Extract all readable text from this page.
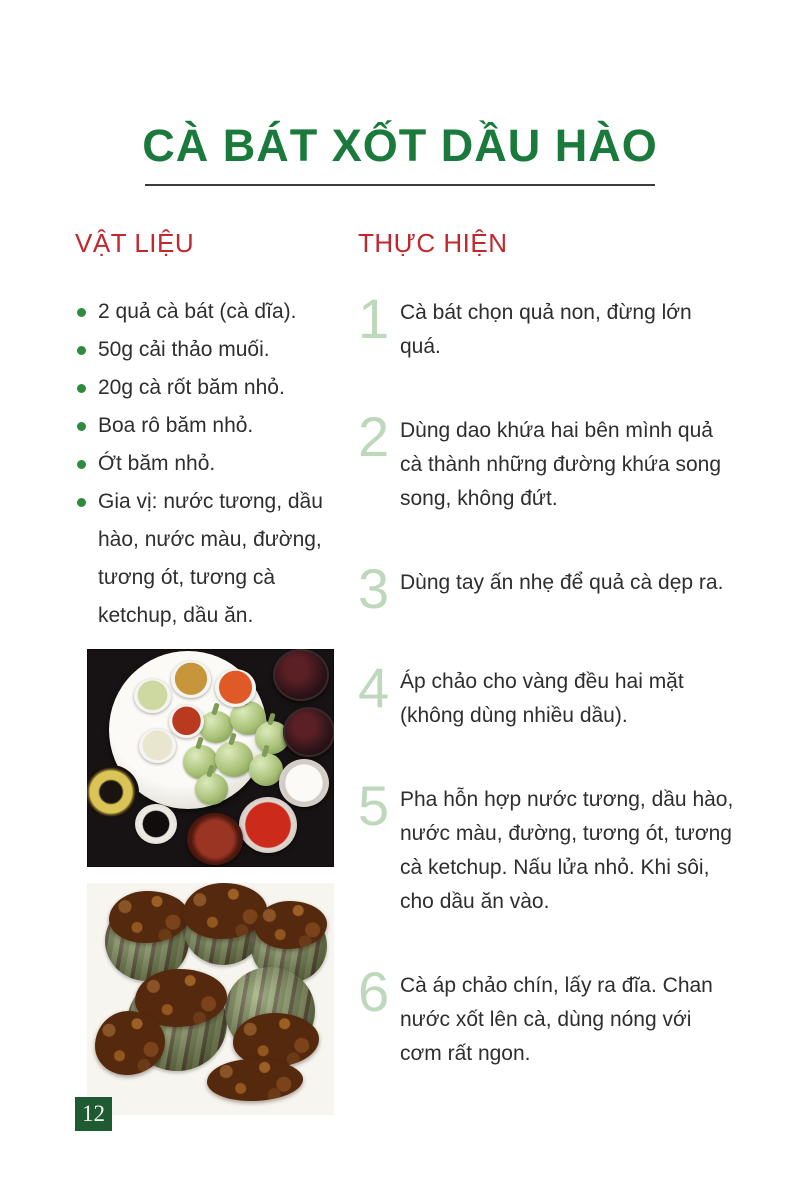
CÀ BÁT XỐT DẦU HÀO
VẬT LIỆU
2 quả cà bát (cà dĩa).
50g cải thảo muối.
20g cà rốt băm nhỏ.
Boa rô băm nhỏ.
Ớt băm nhỏ.
Gia vị: nước tương, dầu hào, nước màu, đường, tương ót, tương cà ketchup, dầu ăn.
THỰC HIỆN
1 Cà bát chọn quả non, đừng lớn quá.
2 Dùng dao khứa hai bên mình quả cà thành những đường khứa song song, không đứt.
3 Dùng tay ấn nhẹ để quả cà dẹp ra.
4 Áp chảo cho vàng đều hai mặt (không dùng nhiều dầu).
5 Pha hỗn hợp nước tương, dầu hào, nước màu, đường, tương ót, tương cà ketchup. Nấu lửa nhỏ. Khi sôi, cho dầu ăn vào.
6 Cà áp chảo chín, lấy ra đĩa. Chan nước xốt lên cà, dùng nóng với cơm rất ngon.
12
